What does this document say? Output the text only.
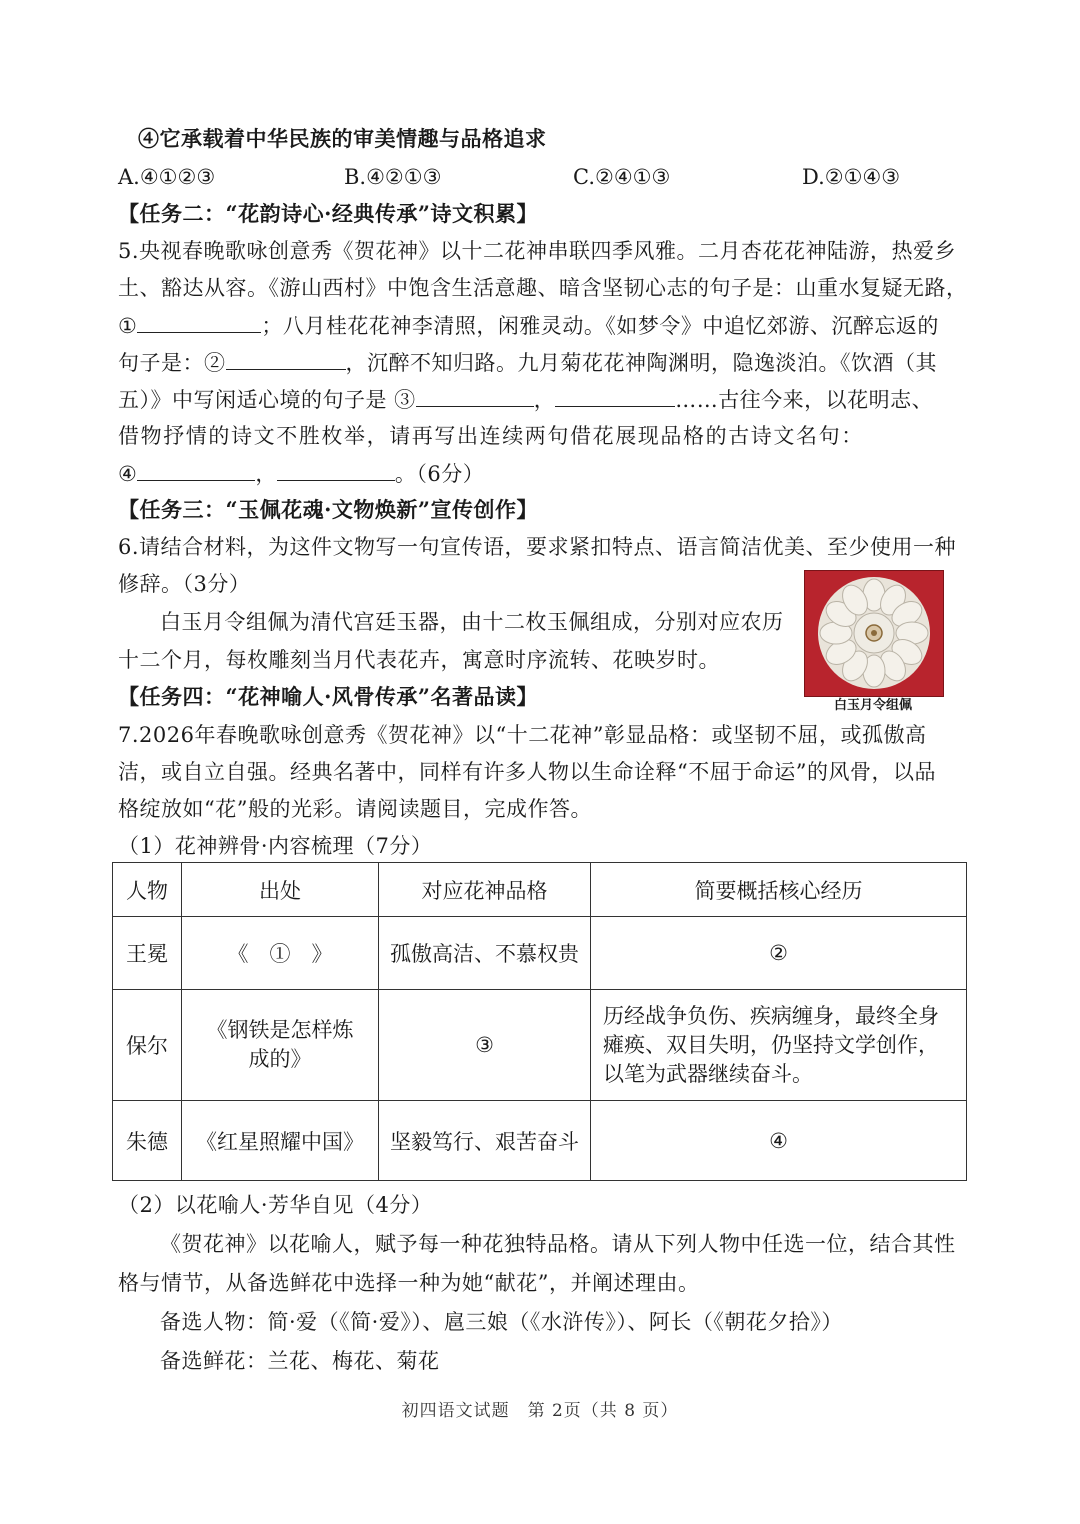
④它承载着中华民族的审美情趣与品格追求
A.④①②③	B.④②①③	C.②④①③	D.②①④③
【任务二：“花韵诗心·经典传承”诗文积累】
5.央视春晚歌咏创意秀《贺花神》以十二花神串联四季风雅。二月杏花花神陆游，热爱乡
土、豁达从容。《游山西村》中饱含生活意趣、暗含坚韧心志的句子是：山重水复疑无路，
①	；八月桂花花神李清照，闲雅灵动。《如梦令》中追忆郊游、沉醉忘返的
句子是：②	，沉醉不知归路。九月菊花花神陶渊明，隐逸淡泊。《饮酒（其
五）》中写闲适心境的句子是 ③	，	……古往今来，以花明志、
借物抒情的诗文不胜枚举，请再写出连续两句借花展现品格的古诗文名句：
④	，	。（6分）
【任务三：“玉佩花魂·文物焕新”宣传创作】
6.请结合材料，为这件文物写一句宣传语，要求紧扣特点、语言简洁优美、至少使用一种
修辞。（3分）
白玉月令组佩为清代宫廷玉器，由十二枚玉佩组成，分别对应农历
十二个月，每枚雕刻当月代表花卉，寓意时序流转、花映岁时。
白玉月令组佩
【任务四：“花神喻人·风骨传承”名著品读】
7.2026年春晚歌咏创意秀《贺花神》以“十二花神”彰显品格：或坚韧不屈，或孤傲高
洁，或自立自强。经典名著中，同样有许多人物以生命诠释“不屈于命运”的风骨，以品
格绽放如“花”般的光彩。请阅读题目，完成作答。
（1）花神辨骨·内容梳理（7分）
人物	出处	对应花神品格	简要概括核心经历
王冕	《　①　》	孤傲高洁、不慕权贵	②
保尔	《钢铁是怎样炼成的》	③	历经战争负伤、疾病缠身，最终全身瘫痪、双目失明，仍坚持文学创作，以笔为武器继续奋斗。
朱德	《红星照耀中国》	坚毅笃行、艰苦奋斗	④
（2）以花喻人·芳华自见（4分）
《贺花神》以花喻人，赋予每一种花独特品格。请从下列人物中任选一位，结合其性
格与情节，从备选鲜花中选择一种为她“献花”，并阐述理由。
备选人物：简·爱（《简·爱》）、扈三娘（《水浒传》）、阿长（《朝花夕拾》）
备选鲜花：兰花、梅花、菊花
初四语文试题　第 2页（共 8 页）
